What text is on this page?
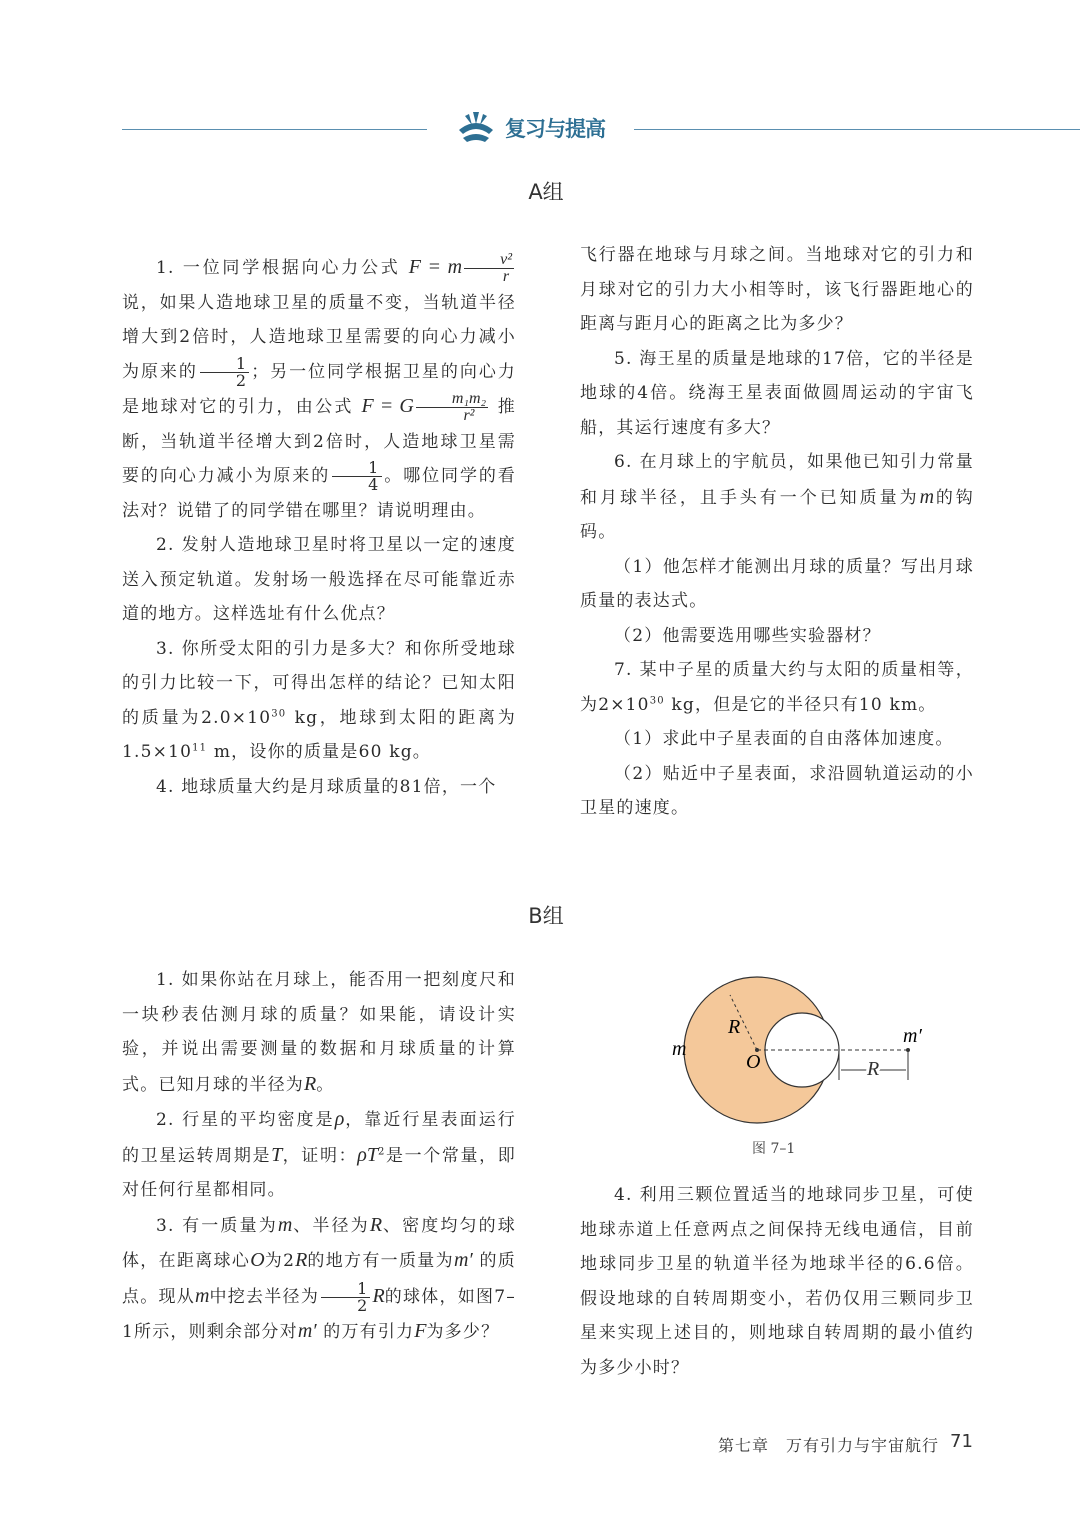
复习与提高
A组

1. 一位同学根据向心力公式 F = m $\frac{\text{v²}}{r}$
说，如果人造地球卫星的质量不变，当轨道半径增大到2倍时，人造地球卫星需要的向心力减小为原来的 $\frac{1}{2}$ ；另一位同学根据卫星的向心力是地球对它的引力，由公式 F = G $\frac{\text{m₁m₂}}{\text{r²}}$ 推断，当轨道半径增大到2倍时，人造地球卫星需要的向心力减小为原来的 $\frac{1}{4}$ 。哪位同学的看法对？说错了的同学错在哪里？请说明理由。

2. 发射人造地球卫星时将卫星以一定的速度送入预定轨道。发射场一般选择在尽可能靠近赤道的地方。这样选址有什么优点？

3. 你所受太阳的引力是多大？和你所受地球的引力比较一下，可得出怎样的结论？已知太阳的质量为$2.0\times 10^{30}$ kg，地球到太阳的距离为$1.5\times 10^{11}$ m，设你的质量是60 kg。

4. 地球质量大约是月球质量的81倍，一个

飞行器在地球与月球之间。当地球对它的引力和月球对它的引力大小相等时，该飞行器距地心的距离与距月心的距离之比为多少？

5. 海王星的质量是地球的17倍，它的半径是地球的4倍。绕海王星表面做圆周运动的宇宙飞船，其运行速度有多大？

6. 在月球上的宇航员，如果他已知引力常量和月球半径，且手头有一个已知质量为m的钩码。

（1）他怎样才能测出月球的质量？写出月球质量的表达式。

（2）他需要选用哪些实验器材？

7. 某中子星的质量大约与太阳的质量相等，为$2\times 10^{30}$ kg，但是它的半径只有10 km。

（1）求此中子星表面的自由落体加速度。

（2）贴近中子星表面，求沿圆轨道运动的小卫星的速度。

B组

1. 如果你站在月球上，能否用一把刻度尺和一块秒表估测月球的质量？如果能，请设计实验，并说出需要测量的数据和月球质量的计算式。已知月球的半径为R。

2. 行星的平均密度是ρ，靠近行星表面运行的卫星运转周期是T，证明：$\rho T^2$是一个常量，即对任何行星都相同。

3. 有一质量为m、半径为R、密度均匀的球体，在距离球心O为2R的地方有一质量为m′ 的质点。现从m中挖去半径为 $\frac{1}{2}$ R的球体，如图7–1所示，则剩余部分对m′ 的万有引力F为多少？

R
m
O
m′
R
图 7–1

4. 利用三颗位置适当的地球同步卫星，可使地球赤道上任意两点之间保持无线电通信，目前地球同步卫星的轨道半径为地球半径的6.6倍。假设地球的自转周期变小，若仍仅用三颗同步卫星来实现上述目的，则地球自转周期的最小值约为多少小时？

第七章　万有引力与宇宙航行 71
